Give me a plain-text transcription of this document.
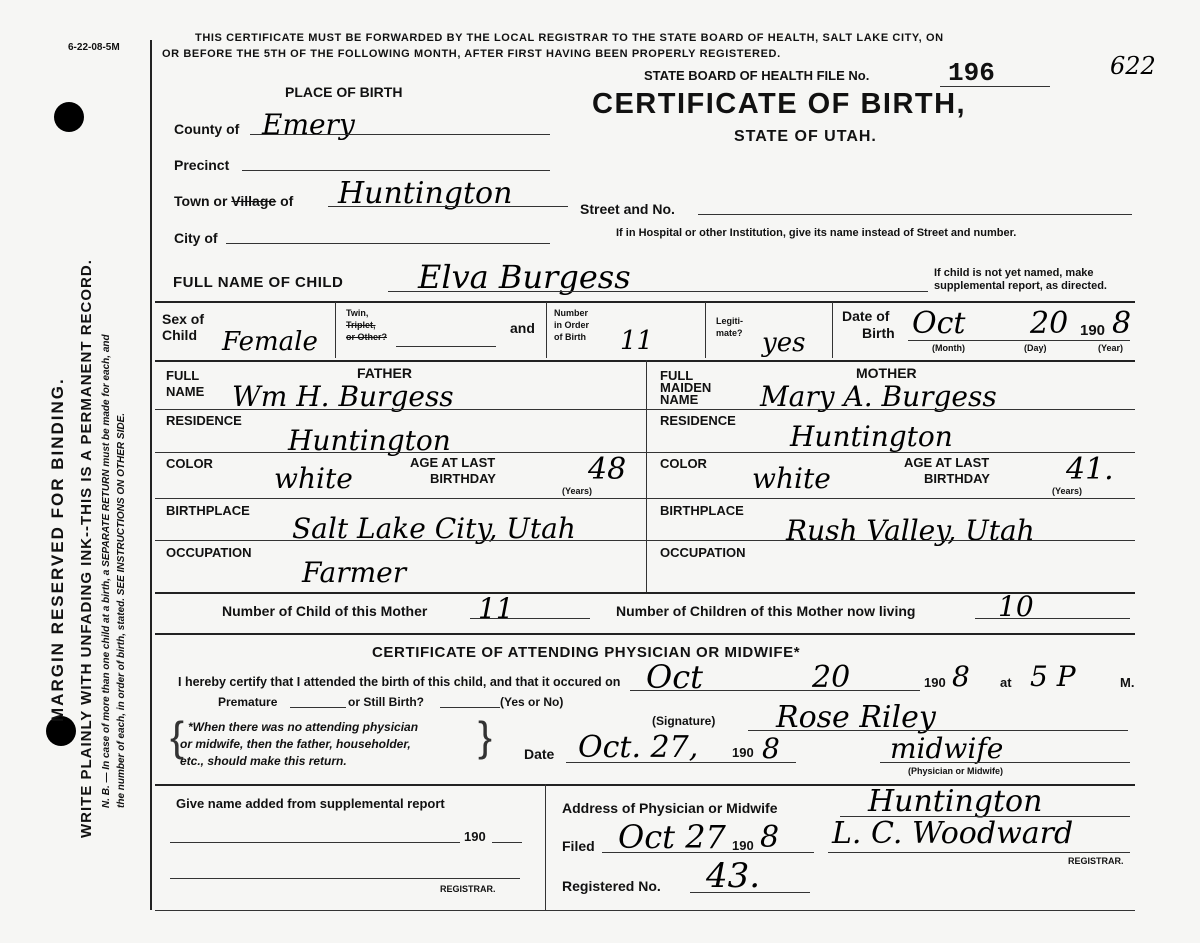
6-22-08-5M
MARGIN RESERVED FOR BINDING. WRITE PLAINLY WITH UNFADING INK--THIS IS A PERMANENT RECORD. N. B. — In case of more than one child at a birth, a SEPARATE RETURN must be made for each, and the number of each, in order of birth, stated. SEE INSTRUCTIONS ON OTHER SIDE.
THIS CERTIFICATE MUST BE FORWARDED BY THE LOCAL REGISTRAR TO THE STATE BOARD OF HEALTH, SALT LAKE CITY, ON
OR BEFORE THE 5TH OF THE FOLLOWING MONTH, AFTER FIRST HAVING BEEN PROPERLY REGISTERED.
STATE BOARD OF HEALTH FILE No.	196	622
CERTIFICATE OF BIRTH,
STATE OF UTAH.
PLACE OF BIRTH
County of Emery
Precinct
Town or Village of Huntington	Street and No.
City of	If in Hospital or other Institution, give its name instead of Street and number.
FULL NAME OF CHILD Elva Burgess	If child is not yet named, make
supplemental report, as directed.
Sex of
Child Female
Twin,
Triplet,
or Other?
and
Number
in Order
of Birth 11
Legiti-
mate? yes
Date of
Birth Oct 20 190 8
(Month)	(Day)	(Year)
FATHER
FULL
NAME Wm H. Burgess
RESIDENCE
Huntington
COLOR white	AGE AT LAST
BIRTHDAY	48
(Years)
BIRTHPLACE
Salt Lake City, Utah
OCCUPATION
Farmer
MOTHER
FULL
MAIDEN
NAME Mary A. Burgess
RESIDENCE Huntington
COLOR white	AGE AT LAST
BIRTHDAY	41.
(Years)
BIRTHPLACE
Rush Valley, Utah
OCCUPATION
Number of Child of this Mother 11	Number of Children of this Mother now living	10
CERTIFICATE OF ATTENDING PHYSICIAN OR MIDWIFE*
I hereby certify that I attended the birth of this child, and that it occured on Oct	20	190 8 at 5 P	M.
Premature	or Still Birth?	(Yes or No)
{ *When there was no attending physician
or midwife, then the father, householder,
etc., should make this return.
}	(Signature) Rose Riley
Date Oct. 27,	190 8	midwife
(Physician or Midwife)
Give name added from supplemental report
190
REGISTRAR.
Address of Physician or Midwife	Huntington
Filed Oct 27 190 8 L. C. Woodward
REGISTRAR.
Registered No. 43.
